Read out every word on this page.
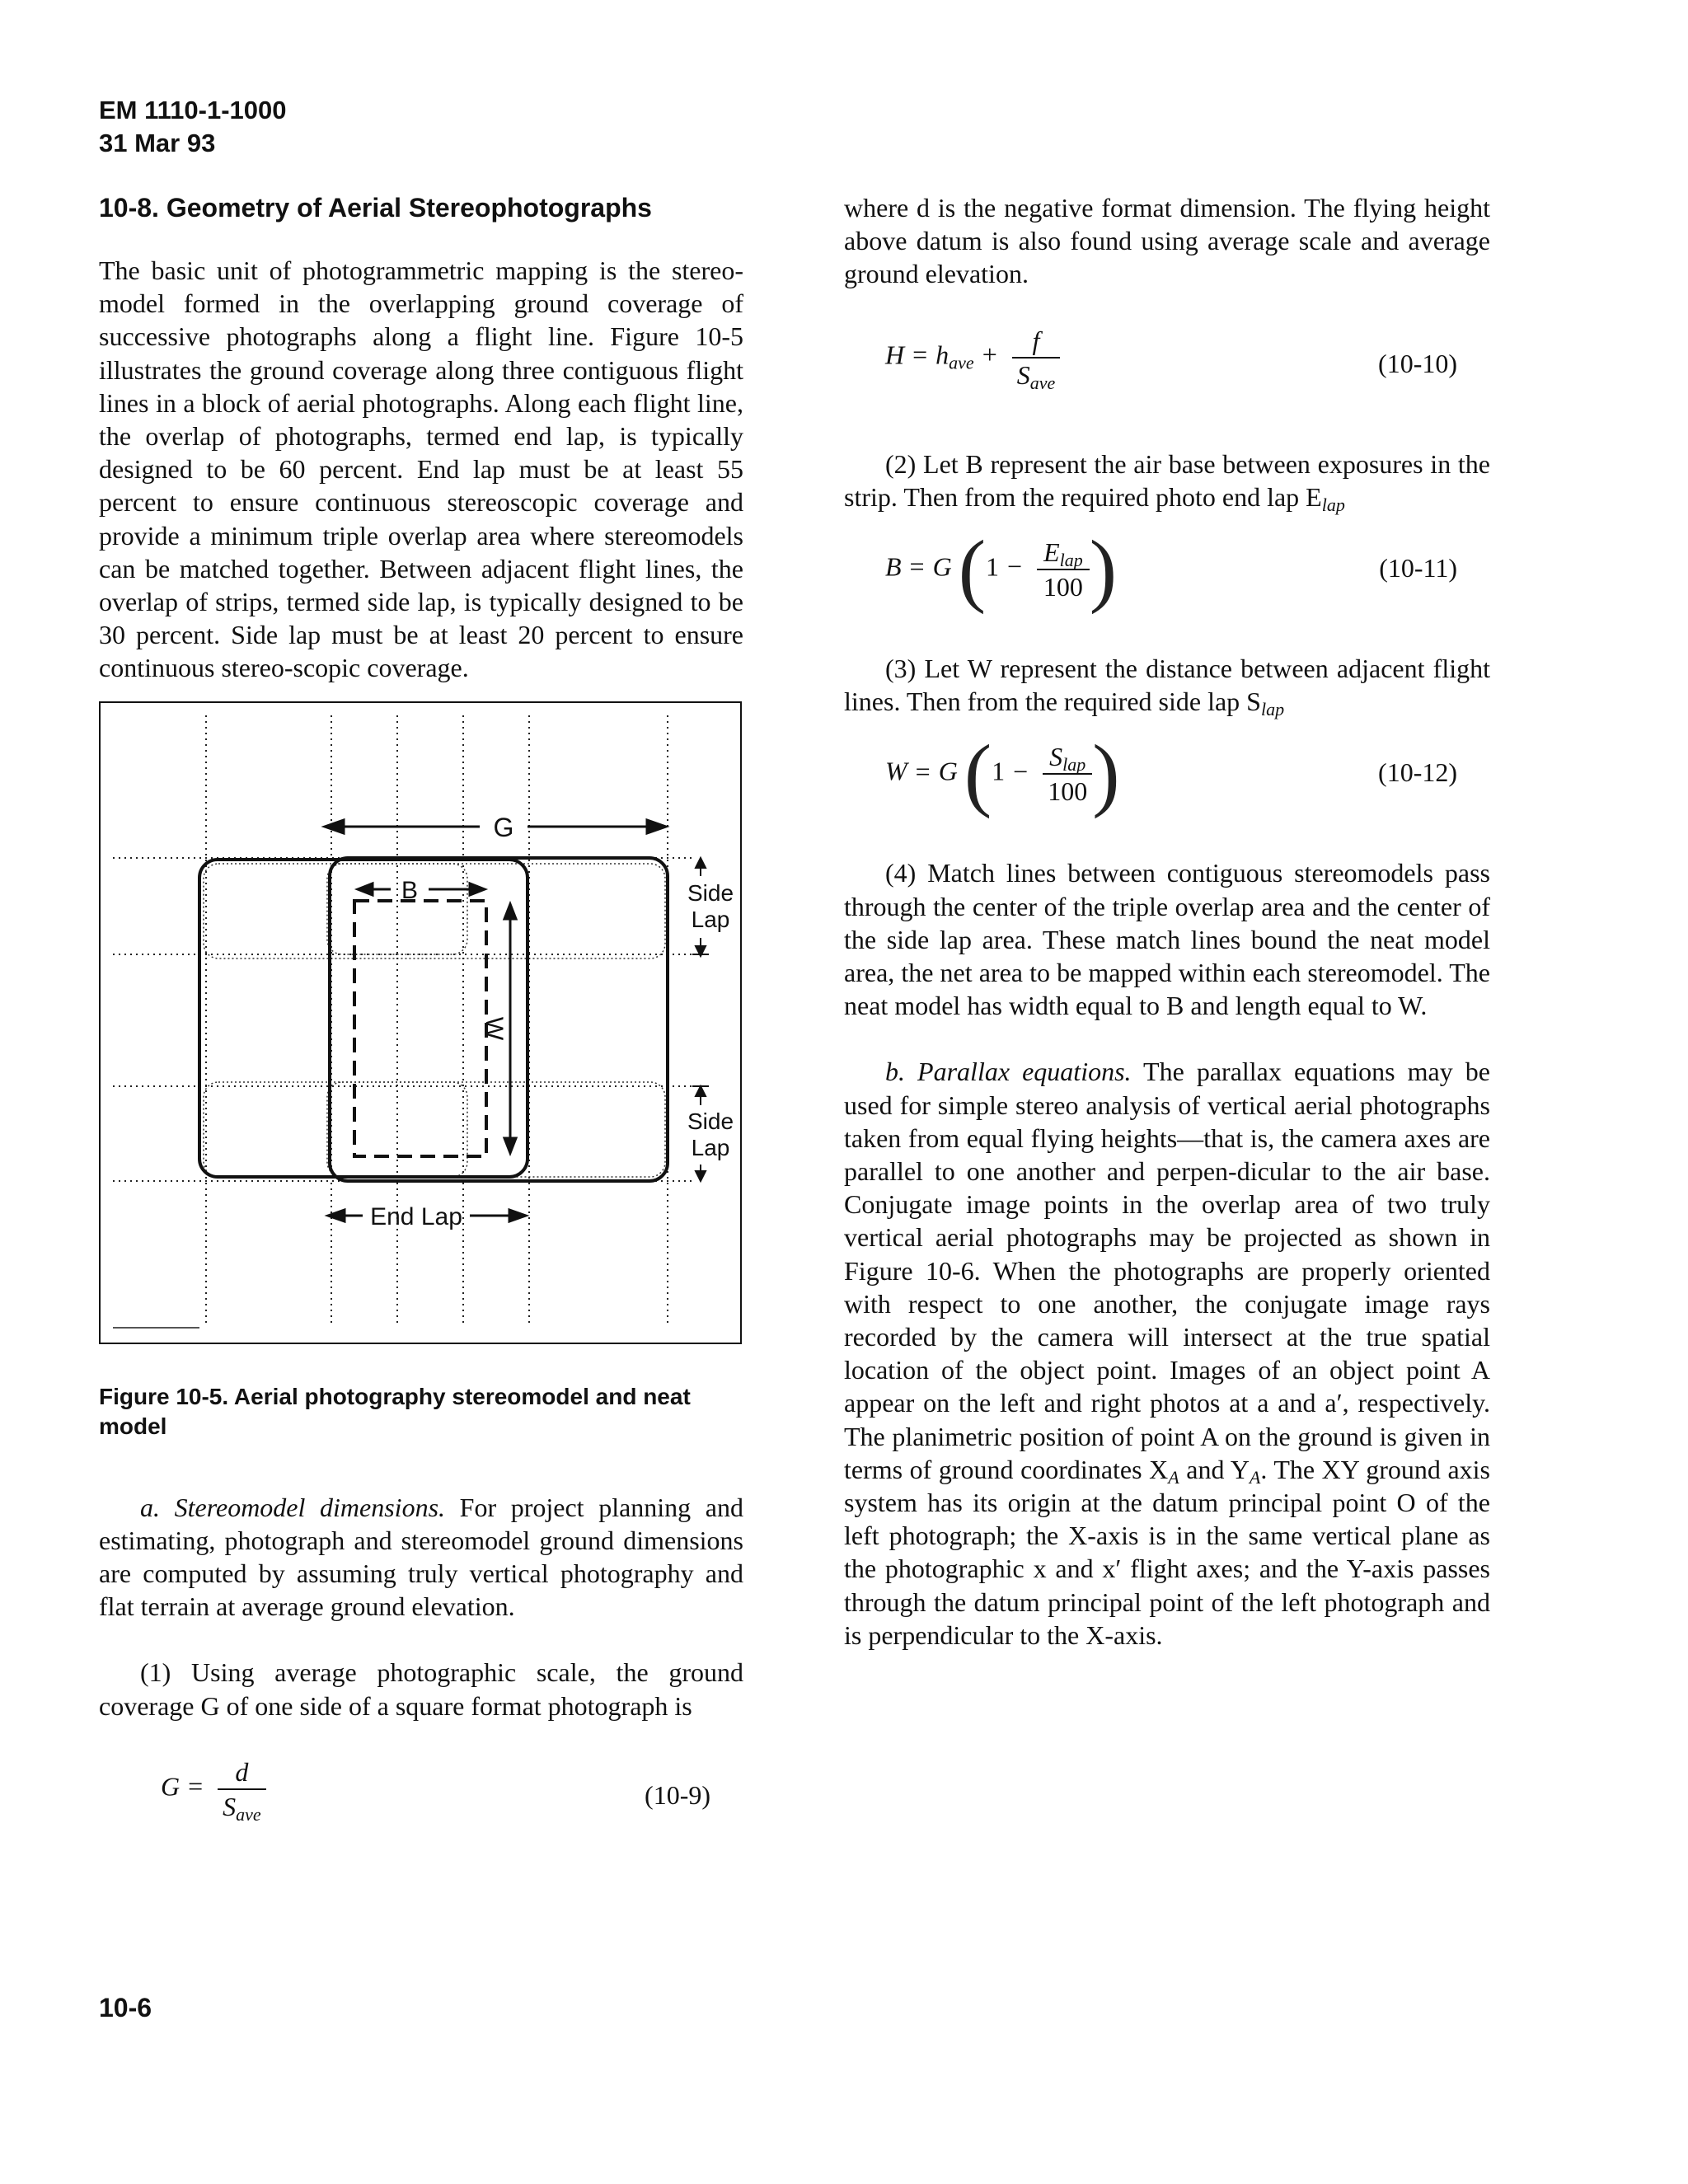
EM 1110-1-1000
31 Mar 93
10-8. Geometry of Aerial Stereophotographs

The basic unit of photogrammetric mapping is the stereo-model formed in the overlapping ground coverage of successive photographs along a flight line. Figure 10-5 illustrates the ground coverage along three contiguous flight lines in a block of aerial photographs. Along each flight line, the overlap of photographs, termed end lap, is typically designed to be 60 percent. End lap must be at least 55 percent to ensure continuous stereoscopic coverage and provide a minimum triple overlap area where stereomodels can be matched together. Between adjacent flight lines, the overlap of strips, termed side lap, is typically designed to be 30 percent. Side lap must be at least 20 percent to ensure continuous stereo-scopic coverage.

G
B
W
Side
Lap
Side
Lap
End Lap
Figure 10-5. Aerial photography stereomodel and neat model

a. Stereomodel dimensions. For project planning and estimating, photograph and stereomodel ground dimensions are computed by assuming truly vertical photography and flat terrain at average ground elevation.

(1) Using average photographic scale, the ground coverage G of one side of a square format photograph is

$G = \frac{d}{S_{ave}}$	(10-9)

where d is the negative format dimension. The flying height above datum is also found using average scale and average ground elevation.

$H = h_{ave} + \frac{f}{S_{ave}}$	(10-10)

(2) Let B represent the air base between exposures in the strip. Then from the required photo end lap $E_{lap}$

B = G ($1 - \frac{E_{lap}}{100}$ )	(10-11)

(3) Let W represent the distance between adjacent flight lines. Then from the required side lap $S_{lap}$

W = G ($1 - \frac{S_{lap}}{100}$ )	(10-12)

(4) Match lines between contiguous stereomodels pass through the center of the triple overlap area and the center of the side lap area. These match lines bound the neat model area, the net area to be mapped within each stereomodel. The neat model has width equal to B and length equal to W.

b. Parallax equations. The parallax equations may be used for simple stereo analysis of vertical aerial photographs taken from equal flying heights—that is, the camera axes are parallel to one another and perpen-dicular to the air base. Conjugate image points in the overlap area of two truly vertical aerial photographs may be projected as shown in Figure 10-6. When the photographs are properly oriented with respect to one another, the conjugate image rays recorded by the camera will intersect at the true spatial location of the object point. Images of an object point A appear on the left and right photos at a and a′, respectively. The planimetric position of point A on the ground is given in terms of ground coordinates $X_A$ and $Y_A$. The XY ground axis system has its origin at the datum principal point O of the left photograph; the X-axis is in the same vertical plane as the photographic x and x′ flight axes; and the Y-axis passes through the datum principal point of the left photograph and is perpendicular to the X-axis.

10-6
